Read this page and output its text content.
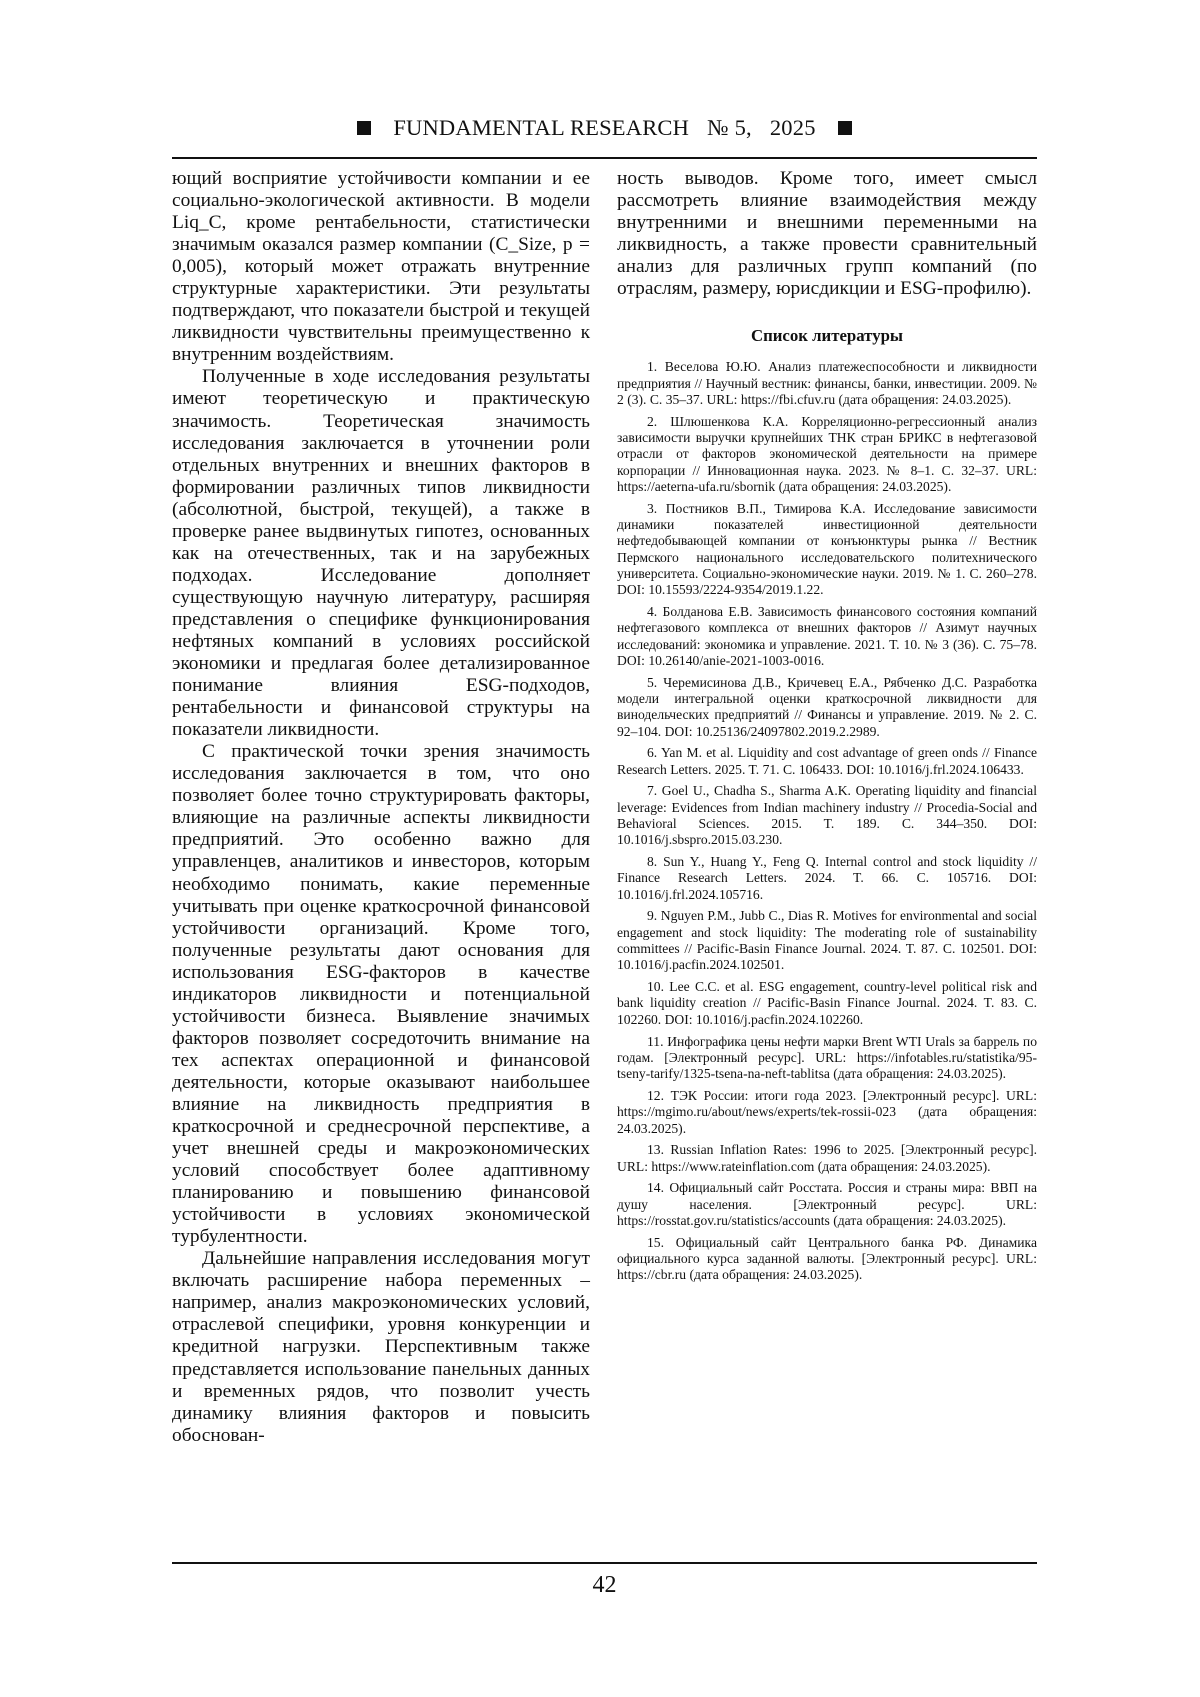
FUNDAMENTAL RESEARCH № 5, 2025

ющий восприятие устойчивости компании и ее социально-экологической активности. В модели Liq_C, кроме рентабельности, статистически значимым оказался размер компании (C_Size, p = 0,005), который может отражать внутренние структурные характеристики. Эти результаты подтверждают, что показатели быстрой и текущей ликвидности чувствительны преимущественно к внутренним воздействиям.

Полученные в ходе исследования результаты имеют теоретическую и практическую значимость. Теоретическая значимость исследования заключается в уточнении роли отдельных внутренних и внешних факторов в формировании различных типов ликвидности (абсолютной, быстрой, текущей), а также в проверке ранее выдвинутых гипотез, основанных как на отечественных, так и на зарубежных подходах. Исследование дополняет существующую научную литературу, расширяя представления о специфике функционирования нефтяных компаний в условиях российской экономики и предлагая более детализированное понимание влияния ESG-подходов, рентабельности и финансовой структуры на показатели ликвидности.

С практической точки зрения значимость исследования заключается в том, что оно позволяет более точно структурировать факторы, влияющие на различные аспекты ликвидности предприятий. Это особенно важно для управленцев, аналитиков и инвесторов, которым необходимо понимать, какие переменные учитывать при оценке краткосрочной финансовой устойчивости организаций. Кроме того, полученные результаты дают основания для использования ESG-факторов в качестве индикаторов ликвидности и потенциальной устойчивости бизнеса. Выявление значимых факторов позволяет сосредоточить внимание на тех аспектах операционной и финансовой деятельности, которые оказывают наибольшее влияние на ликвидность предприятия в краткосрочной и среднесрочной перспективе, а учет внешней среды и макроэкономических условий способствует более адаптивному планированию и повышению финансовой устойчивости в условиях экономической турбулентности.

Дальнейшие направления исследования могут включать расширение набора переменных – например, анализ макроэкономических условий, отраслевой специфики, уровня конкуренции и кредитной нагрузки. Перспективным также представляется использование панельных данных и временных рядов, что позволит учесть динамику влияния факторов и повысить обоснован-

ность выводов. Кроме того, имеет смысл рассмотреть влияние взаимодействия между внутренними и внешними переменными на ликвидность, а также провести сравнительный анализ для различных групп компаний (по отраслям, размеру, юрисдикции и ESG-профилю).

Список литературы
1. Веселова Ю.Ю. Анализ платежеспособности и ликвидности предприятия // Научный вестник: финансы, банки, инвестиции. 2009. № 2 (3). С. 35–37. URL: https://fbi.cfuv.ru (дата обращения: 24.03.2025).
2. Шлюшенкова К.А. Корреляционно-регрессионный анализ зависимости выручки крупнейших ТНК стран БРИКС в нефтегазовой отрасли от факторов экономической деятельности на примере корпорации // Инновационная наука. 2023. № 8–1. С. 32–37. URL: https://aeterna-ufa.ru/sbornik (дата обращения: 24.03.2025).
3. Постников В.П., Тимирова К.А. Исследование зависимости динамики показателей инвестиционной деятельности нефтедобывающей компании от конъюнктуры рынка // Вестник Пермского национального исследовательского политехнического университета. Социально-экономические науки. 2019. № 1. С. 260–278. DOI: 10.15593/2224-9354/2019.1.22.
4. Болданова Е.В. Зависимость финансового состояния компаний нефтегазового комплекса от внешних факторов // Азимут научных исследований: экономика и управление. 2021. Т. 10. № 3 (36). С. 75–78. DOI: 10.26140/anie-2021-1003-0016.
5. Черемисинова Д.В., Кричевец Е.А., Рябченко Д.С. Разработка модели интегральной оценки краткосрочной ликвидности для винодельческих предприятий // Финансы и управление. 2019. № 2. С. 92–104. DOI: 10.25136/24097802.2019.2.2989.
6. Yan M. et al. Liquidity and cost advantage of green onds // Finance Research Letters. 2025. T. 71. С. 106433. DOI: 10.1016/j.frl.2024.106433.
7. Goel U., Chadha S., Sharma A.K. Operating liquidity and financial leverage: Evidences from Indian machinery industry // Procedia-Social and Behavioral Sciences. 2015. T. 189. С. 344–350. DOI: 10.1016/j.sbspro.2015.03.230.
8. Sun Y., Huang Y., Feng Q. Internal control and stock liquidity // Finance Research Letters. 2024. T. 66. С. 105716. DOI: 10.1016/j.frl.2024.105716.
9. Nguyen P.M., Jubb C., Dias R. Motives for environmental and social engagement and stock liquidity: The moderating role of sustainability committees // Pacific-Basin Finance Journal. 2024. T. 87. С. 102501. DOI: 10.1016/j.pacfin.2024.102501.
10. Lee C.C. et al. ESG engagement, country-level political risk and bank liquidity creation // Pacific-Basin Finance Journal. 2024. T. 83. С. 102260. DOI: 10.1016/j.pacfin.2024.102260.
11. Инфографика цены нефти марки Brent WTI Urals за баррель по годам. [Электронный ресурс]. URL: https://infotables.ru/statistika/95-tseny-tarify/1325-tsena-na-neft-tablitsa (дата обращения: 24.03.2025).
12. ТЭК России: итоги года 2023. [Электронный ресурс]. URL: https://mgimo.ru/about/news/experts/tek-rossii-023 (дата обращения: 24.03.2025).
13. Russian Inflation Rates: 1996 to 2025. [Электронный ресурс]. URL: https://www.rateinflation.com (дата обращения: 24.03.2025).
14. Официальный сайт Росстата. Россия и страны мира: ВВП на душу населения. [Электронный ресурс]. URL: https://rosstat.gov.ru/statistics/accounts (дата обращения: 24.03.2025).
15. Официальный сайт Центрального банка РФ. Динамика официального курса заданной валюты. [Электронный ресурс]. URL: https://cbr.ru (дата обращения: 24.03.2025).
42
